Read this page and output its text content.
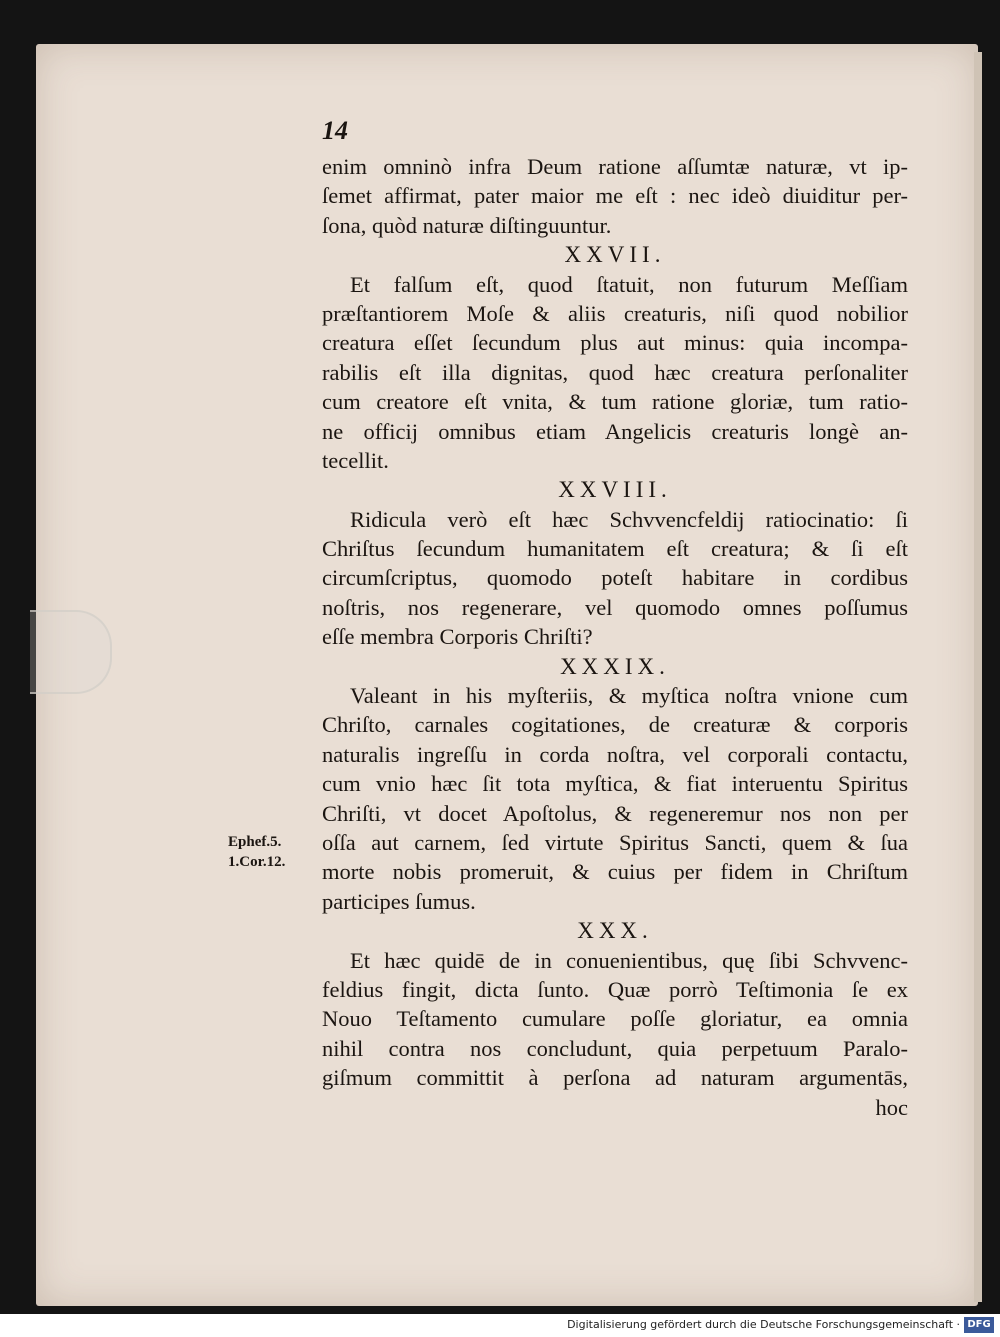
14
enim omninò infra Deum ratione aſſumtæ naturæ, vt ip-
ſemet affirmat, pater maior me eſt : nec ideò diuiditur per-
ſona, quòd naturæ diſtinguuntur.
XXVII.
Et falſum eſt, quod ſtatuit, non futurum Meſſiam
præſtantiorem Moſe & aliis creaturis, niſi quod nobilior
creatura eſſet ſecundum plus aut minus: quia incompa-
rabilis eſt illa dignitas, quod hæc creatura perſonaliter
cum creatore eſt vnita, & tum ratione gloriæ, tum ratio-
ne officij omnibus etiam Angelicis creaturis longè an-
tecellit.
XXVIII.
Ridicula verò eſt hæc Schvvencfeldij ratiocinatio: ſi
Chriſtus ſecundum humanitatem eſt creatura; & ſi eſt
circumſcriptus, quomodo poteſt habitare in cordibus
noſtris, nos regenerare, vel quomodo omnes poſſumus
eſſe membra Corporis Chriſti?
XXXIX.
Valeant in his myſteriis, & myſtica noſtra vnione cum
Chriſto, carnales cogitationes, de creaturæ & corporis
naturalis ingreſſu in corda noſtra, vel corporali contactu,
cum vnio hæc ſit tota myſtica, & fiat interuentu Spiritus
Chriſti, vt docet Apoſtolus, & regeneremur nos non per
oſſa aut carnem, ſed virtute Spiritus Sancti, quem & ſua
morte nobis promeruit, & cuius per fidem in Chriſtum
participes ſumus.
XXX.
Et hæc quidē de in conuenientibus, quę ſibi Schvvenc-
feldius fingit, dicta ſunto. Quæ porrò Teſtimonia ſe ex
Nouo Teſtamento cumulare poſſe gloriatur, ea omnia
nihil contra nos concludunt, quia perpetuum Paralo-
giſmum committit à perſona ad naturam argumentās,
hoc
Ephef.5.
1.Cor.12.
Digitalisierung gefördert durch die Deutsche Forschungsgemeinschaft · DFG
